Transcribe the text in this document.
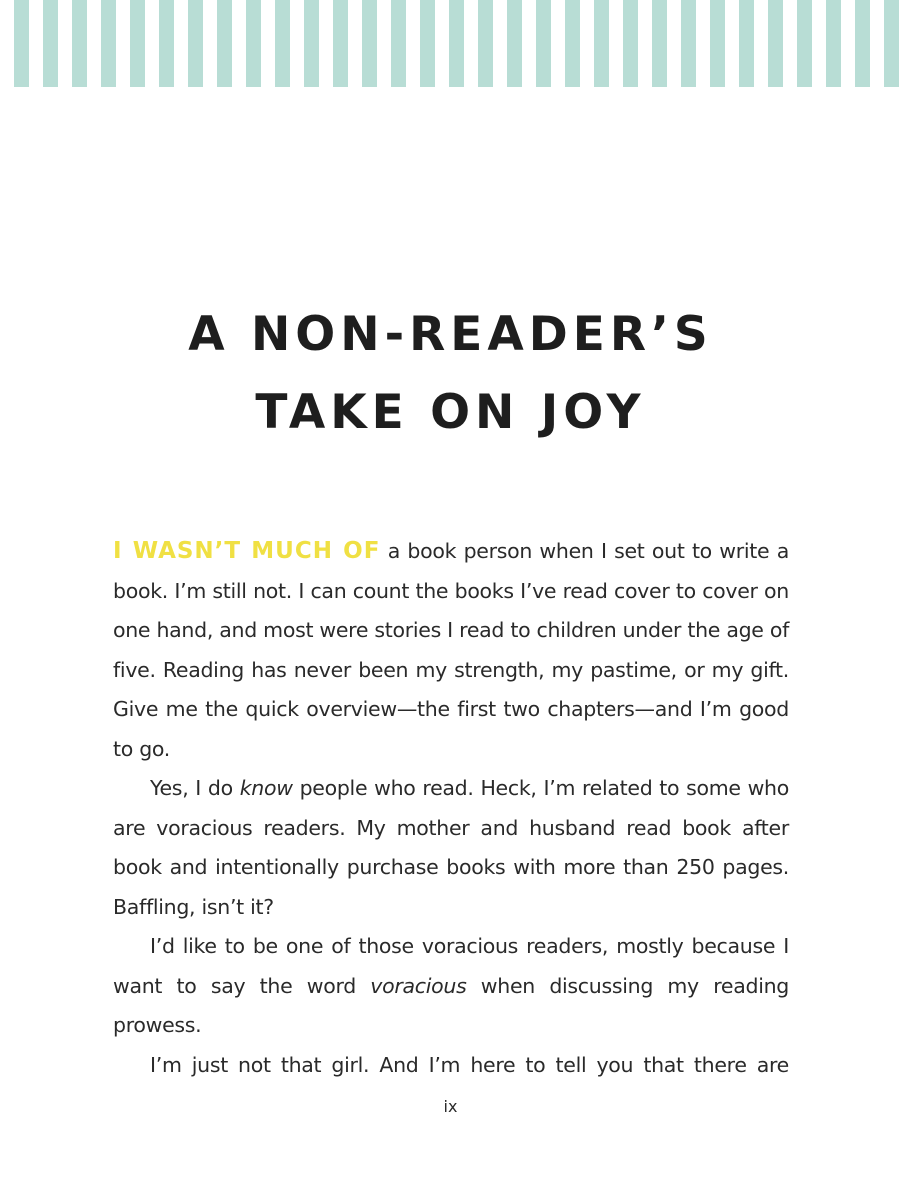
A NON-READER’S
TAKE ON JOY

I WASN’T MUCH OF a book person when I set out to write a book. I’m still not. I can count the books I’ve read cover to cover on one hand, and most were stories I read to children under the age of five. Reading has never been my strength, my pastime, or my gift. Give me the quick overview—the first two chapters—and I’m good to go.

Yes, I do know people who read. Heck, I’m related to some who are voracious readers. My mother and husband read book after book and intentionally purchase books with more than 250 pages. Baffling, isn’t it?

I’d like to be one of those voracious readers, mostly because I want to say the word voracious when discussing my reading prowess.

I’m just not that girl. And I’m here to tell you that there are

ix
